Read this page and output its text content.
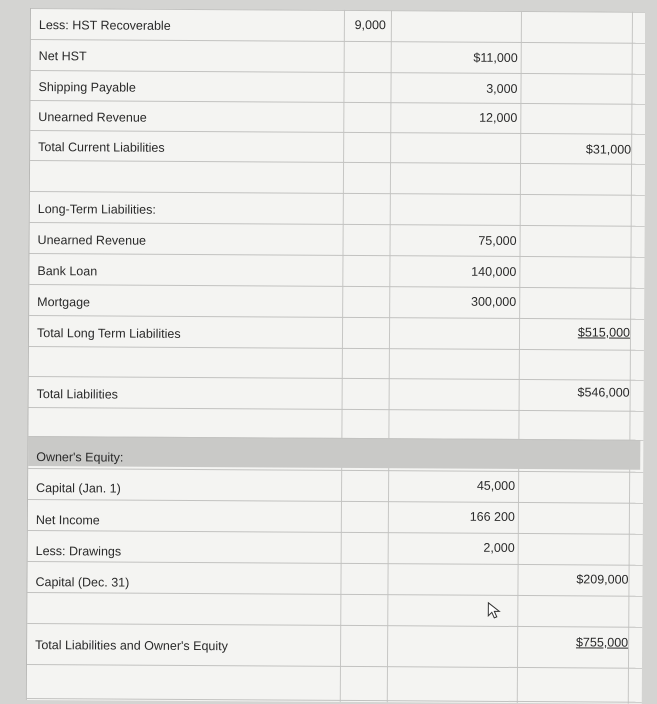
Less: HST Recoverable	9,000
Net HST	$11,000
Shipping Payable	3,000
Unearned Revenue	12,000
Total Current Liabilities	$31,000
Long-Term Liabilities:
Unearned Revenue	75,000
Bank Loan	140,000
Mortgage	300,000
Total Long Term Liabilities	$515,000
Total Liabilities	$546,000
Owner's Equity:
Capital (Jan. 1)	45,000
Net Income	166 200
Less: Drawings	2,000
Capital (Dec. 31)	$209,000
Total Liabilities and Owner's Equity	$755,000
